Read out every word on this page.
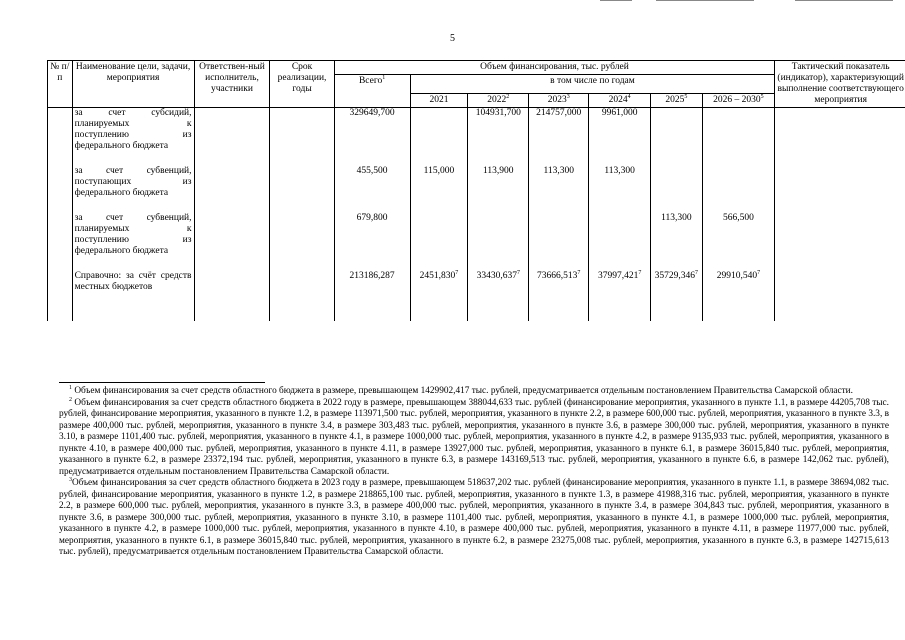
5
№ п/п	Наименование цели, задачи, мероприятия	Ответствен-ный исполнитель, участники	Срок реализации, годы	Объем финансирования, тыс. рублей							Тактический показатель (индикатор), характеризующий выполнение соответствующего мероприятия
				Всего$^1$	в том числе по годам						
					2021	2022$^2$	2023$^3$	2024$^4$	2025$^5$	2026 – 2030$^5$
	за счет субсидий, планируемых к поступлению из федерального бюджета			329649,700		104931,700	214757,000	9961,000			
	за счет субвенций, поступающих из федерального бюджета			455,500	115,000	113,900	113,300	113,300			
	за счет субвенций, планируемых к поступлению из федерального бюджета			679,800					113,300	566,500	
	Справочно: за счёт средств местных бюджетов			213186,287	2451,830$^7$	33430,637$^7$	73666,513$^7$	37997,421$^7$	35729,346$^7$	29910,540$^7$	

$^1$ Объем финансирования за счет средств областного бюджета в размере, превышающем 1429902,417 тыс. рублей, предусматривается отдельным постановлением Правительства Самарской области.

$^2$ Объем финансирования за счет средств областного бюджета в 2022 году в размере, превышающем 388044,633 тыс. рублей (финансирование мероприятия, указанного в пункте 1.1, в размере 44205,708 тыс. рублей, финансирование мероприятия, указанного в пункте 1.2, в размере 113971,500 тыс. рублей, мероприятия, указанного в пункте 2.2, в размере 600,000 тыс. рублей, мероприятия, указанного в пункте 3.3, в размере 400,000 тыс. рублей, мероприятия, указанного в пункте 3.4, в размере 303,483 тыс. рублей, мероприятия, указанного в пункте 3.6, в размере 300,000 тыс. рублей, мероприятия, указанного в пункте 3.10, в размере 1101,400 тыс. рублей, мероприятия, указанного в пункте 4.1, в размере 1000,000 тыс. рублей, мероприятия, указанного в пункте 4.2, в размере 9135,933 тыс. рублей, мероприятия, указанного в пункте 4.10, в размере 400,000 тыс. рублей, мероприятия, указанного в пункте 4.11, в размере 13927,000 тыс. рублей, мероприятия, указанного в пункте 6.1, в размере 36015,840 тыс. рублей, мероприятия, указанного в пункте 6.2, в размере 23372,194 тыс. рублей, мероприятия, указанного в пункте 6.3, в размере 143169,513 тыс. рублей, мероприятия, указанного в пункте 6.6, в размере 142,062 тыс. рублей), предусматривается отдельным постановлением Правительства Самарской области.

$^3$Объем финансирования за счет средств областного бюджета в 2023 году в размере, превышающем 518637,202 тыс. рублей (финансирование мероприятия, указанного в пункте 1.1, в размере 38694,082 тыс. рублей, финансирование мероприятия, указанного в пункте 1.2, в размере 218865,100 тыс. рублей, мероприятия, указанного в пункте 1.3, в размере 41988,316 тыс. рублей, мероприятия, указанного в пункте 2.2, в размере 600,000 тыс. рублей, мероприятия, указанного в пункте 3.3, в размере 400,000 тыс. рублей, мероприятия, указанного в пункте 3.4, в размере 304,843 тыс. рублей, мероприятия, указанного в пункте 3.6, в размере 300,000 тыс. рублей, мероприятия, указанного в пункте 3.10, в размере 1101,400 тыс. рублей, мероприятия, указанного в пункте 4.1, в размере 1000,000 тыс. рублей, мероприятия, указанного в пункте 4.2, в размере 1000,000 тыс. рублей, мероприятия, указанного в пункте 4.10, в размере 400,000 тыс. рублей, мероприятия, указанного в пункте 4.11, в размере 11977,000 тыс. рублей, мероприятия, указанного в пункте 6.1, в размере 36015,840 тыс. рублей, мероприятия, указанного в пункте 6.2, в размере 23275,008 тыс. рублей, мероприятия, указанного в пункте 6.3, в размере 142715,613 тыс. рублей), предусматривается отдельным постановлением Правительства Самарской области.
